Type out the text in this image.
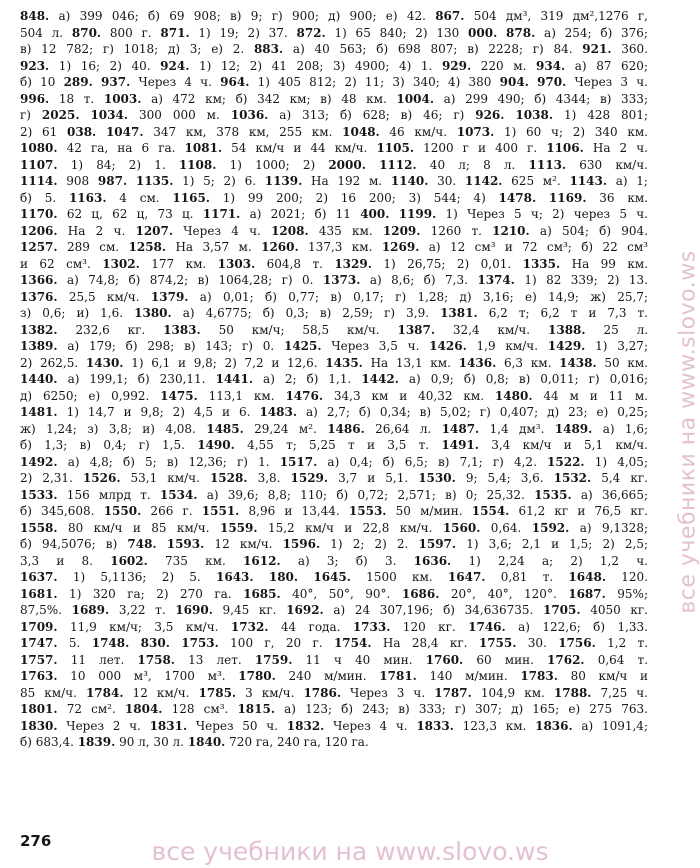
848. а) 399 046; б) 69 908; в) 9; г) 900; д) 900; е) 42. 867. 504 дм³, 319 дм²,1276 г,
504 л. 870. 800 г. 871. 1) 19; 2) 37. 872. 1) 65 840; 2) 130 000. 878. а) 254; б) 376;
в) 12 782; г) 1018; д) 3; е) 2. 883. а) 40 563; б) 698 807; в) 2228; г) 84. 921. 360.
923. 1) 16; 2) 40. 924. 1) 12; 2) 41 208; 3) 4900; 4) 1. 929. 220 м. 934. а) 87 620;
б) 10 289. 937. Через 4 ч. 964. 1) 405 812; 2) 11; 3) 340; 4) 380 904. 970. Через 3 ч.
996. 18 т. 1003. а) 472 км; б) 342 км; в) 48 км. 1004. а) 299 490; б) 4344; в) 333;
г) 2025. 1034. 300 000 м. 1036. а) 313; б) 628; в) 46; г) 926. 1038. 1) 428 801;
2) 61 038. 1047. 347 км, 378 км, 255 км. 1048. 46 км/ч. 1073. 1) 60 ч; 2) 340 км.
1080. 42 га, на 6 га. 1081. 54 км/ч и 44 км/ч. 1105. 1200 г и 400 г. 1106. На 2 ч.
1107. 1) 84; 2) 1. 1108. 1) 1000; 2) 2000. 1112. 40 л; 8 л. 1113. 630 км/ч.
1114. 908 987. 1135. 1) 5; 2) 6. 1139. На 192 м. 1140. 30. 1142. 625 м². 1143. а) 1;
б) 5. 1163. 4 см. 1165. 1) 99 200; 2) 16 200; 3) 544; 4) 1478. 1169. 36 км.
1170. 62 ц, 62 ц, 73 ц. 1171. а) 2021; б) 11 400. 1199. 1) Через 5 ч; 2) через 5 ч.
1206. На 2 ч. 1207. Через 4 ч. 1208. 435 км. 1209. 1260 т. 1210. а) 504; б) 904.
1257. 289 см. 1258. На 3,57 м. 1260. 137,3 км. 1269. а) 12 см³ и 72 см³; б) 22 см³
и 62 см³. 1302. 177 км. 1303. 604,8 т. 1329. 1) 26,75; 2) 0,01. 1335. На 99 км.
1366. а) 74,8; б) 874,2; в) 1064,28; г) 0. 1373. а) 8,6; б) 7,3. 1374. 1) 82 339; 2) 13.
1376. 25,5 км/ч. 1379. а) 0,01; б) 0,77; в) 0,17; г) 1,28; д) 3,16; е) 14,9; ж) 25,7;
з) 0,6; и) 1,6. 1380. а) 4,6775; б) 0,3; в) 2,59; г) 3,9. 1381. 6,2 т; 6,2 т и 7,3 т.
1382. 232,6 кг. 1383. 50 км/ч; 58,5 км/ч. 1387. 32,4 км/ч. 1388. 25 л.
1389. а) 179; б) 298; в) 143; г) 0. 1425. Через 3,5 ч. 1426. 1,9 км/ч. 1429. 1) 3,27;
2) 262,5. 1430. 1) 6,1 и 9,8; 2) 7,2 и 12,6. 1435. На 13,1 км. 1436. 6,3 км. 1438. 50 км.
1440. а) 199,1; б) 230,11. 1441. а) 2; б) 1,1. 1442. а) 0,9; б) 0,8; в) 0,011; г) 0,016;
д) 6250; е) 0,992. 1475. 113,1 км. 1476. 34,3 км и 40,32 км. 1480. 44 м и 11 м.
1481. 1) 14,7 и 9,8; 2) 4,5 и 6. 1483. а) 2,7; б) 0,34; в) 5,02; г) 0,407; д) 23; е) 0,25;
ж) 1,24; з) 3,8; и) 4,08. 1485. 29,24 м². 1486. 26,64 л. 1487. 1,4 дм³. 1489. а) 1,6;
б) 1,3; в) 0,4; г) 1,5. 1490. 4,55 т; 5,25 т и 3,5 т. 1491. 3,4 км/ч и 5,1 км/ч.
1492. а) 4,8; б) 5; в) 12,36; г) 1. 1517. а) 0,4; б) 6,5; в) 7,1; г) 4,2. 1522. 1) 4,05;
2) 2,31. 1526. 53,1 км/ч. 1528. 3,8. 1529. 3,7 и 5,1. 1530. 9; 5,4; 3,6. 1532. 5,4 кг.
1533. 156 млрд т. 1534. а) 39,6; 8,8; 110; б) 0,72; 2,571; в) 0; 25,32. 1535. а) 36,665;
б) 345,608. 1550. 266 г. 1551. 8,96 и 13,44. 1553. 50 м/мин. 1554. 61,2 кг и 76,5 кг.
1558. 80 км/ч и 85 км/ч. 1559. 15,2 км/ч и 22,8 км/ч. 1560. 0,64. 1592. а) 9,1328;
б) 94,5076; в) 748. 1593. 12 км/ч. 1596. 1) 2; 2) 2. 1597. 1) 3,6; 2,1 и 1,5; 2) 2,5;
3,3 и 8. 1602. 735 км. 1612. а) 3; б) 3. 1636. 1) 2,24 а; 2) 1,2 ч.
1637. 1) 5,1136; 2) 5. 1643. 180. 1645. 1500 км. 1647. 0,81 т. 1648. 120.
1681. 1) 320 га; 2) 270 га. 1685. 40°, 50°, 90°. 1686. 20°, 40°, 120°. 1687. 95%;
87,5%. 1689. 3,22 т. 1690. 9,45 кг. 1692. а) 24 307,196; б) 34,636735. 1705. 4050 кг.
1709. 11,9 км/ч; 3,5 км/ч. 1732. 44 года. 1733. 120 кг. 1746. а) 122,6; б) 1,33.
1747. 5. 1748. 830. 1753. 100 г, 20 г. 1754. На 28,4 кг. 1755. 30. 1756. 1,2 т.
1757. 11 лет. 1758. 13 лет. 1759. 11 ч 40 мин. 1760. 60 мин. 1762. 0,64 т.
1763. 10 000 м³, 1700 м³. 1780. 240 м/мин. 1781. 140 м/мин. 1783. 80 км/ч и
85 км/ч. 1784. 12 км/ч. 1785. 3 км/ч. 1786. Через 3 ч. 1787. 104,9 км. 1788. 7,25 ч.
1801. 72 см². 1804. 128 см³. 1815. а) 123; б) 243; в) 333; г) 307; д) 165; е) 275 763.
1830. Через 2 ч. 1831. Через 50 ч. 1832. Через 4 ч. 1833. 123,3 км. 1836. а) 1091,4;
б) 683,4. 1839. 90 л, 30 л. 1840. 720 га, 240 га, 120 га.
276
все учебники на www.slovo.ws
все учебники на www.slovo.ws
